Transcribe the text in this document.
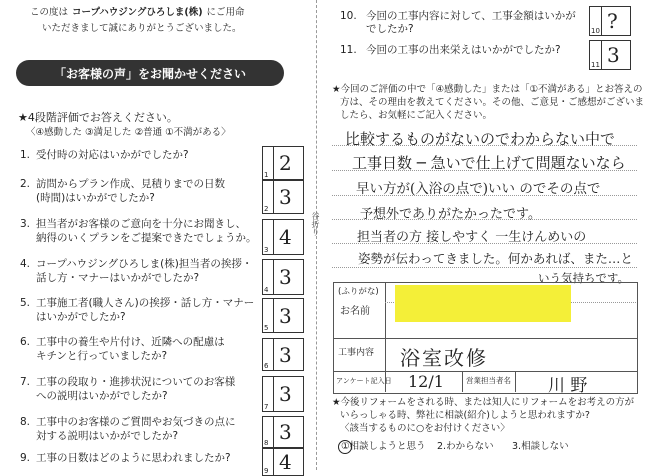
この度は コープハウジングひろしま(株) にご用命
いただきまして誠にありがとうございました。
「お客様の声」をお聞かせください
★4段階評価でお答えください。
〈④感動した ③満足した ②普通 ①不満がある〉
1. 受付時の対応はいかがでしたか?
1 2
2. 訪問からプラン作成、見積りまでの日数
(時間)はいかがでしたか?
2 3
3. 担当者がお客様のご意向を十分にお聞きし、
納得のいくプランをご提案できたでしょうか。
3
4
4. コープハウジングひろしま(株)担当者の挨拶・
話し方・マナーはいかがでしたか?
4
3
5. 工事施工者(職人さん)の挨拶・話し方・マナー
はいかがでしたか?
5 3
6. 工事中の養生や片付け、近隣への配慮は
キチンと行っていましたか?
6 3
7. 工事の段取り・進捗状況についてのお客様
への説明はいかがでしたか?
7
3
8. 工事中のお客様のご質問やお気づきの点に
対する説明はいかがでしたか?
8 3
9. 工事の日数はどのように思われましたか?
9 4
谷折り
10. 今回の工事内容に対して、工事金額はいかが
でしたか?	10 ?
11. 今回の工事の出来栄えはいかがでしたか?
11 3
★今回のご評価の中で「④感動した」または「①不満がある」とお答えの
方は、その理由を教えてください。その他、ご意見・ご感想がございま
したら、お気軽にご記入ください。
比較するものがないのでわからない中で
工事日数 ─ 急いで仕上げて問題ないなら
早い方が(入浴の点で)いい のでその点で
予想外でありがたかったです。
担当者の方 接しやすく 一生けんめいの
姿勢が伝わってきました。何かあれば、また…と
いう気持ちです。
(ふりがな)
お名前
工事内容 浴室改修
アンケート記入日 12/1	営業担当者名 川 野
★今後リフォームをされる時、または知人にリフォームをお考えの方が
いらっしゃる時、弊社に相談(紹介)しようと思われますか?
〈該当するものに○をお付けください〉
①相談しようと思う 2.わからない 3.相談しない
